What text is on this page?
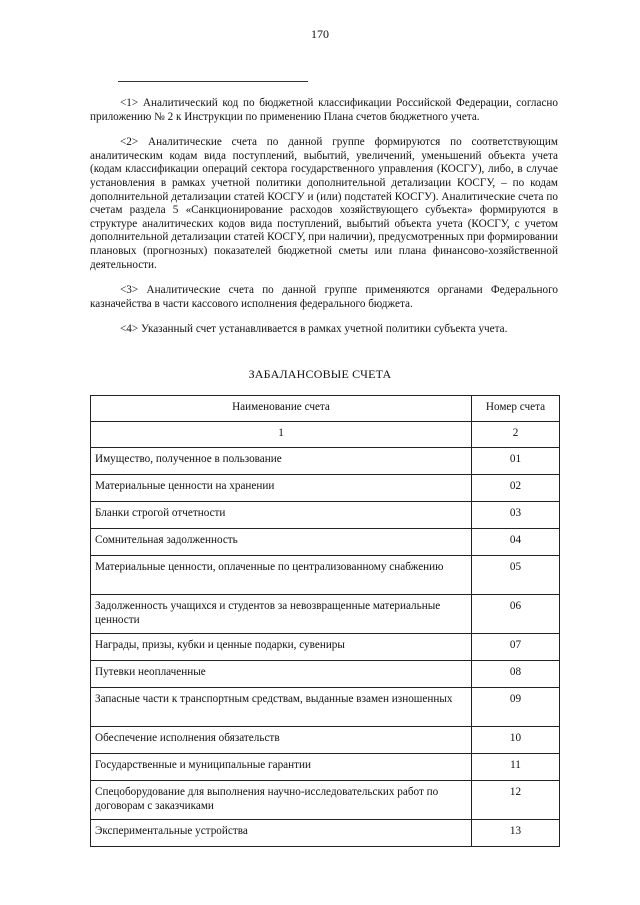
170

<1> Аналитический код по бюджетной классификации Российской Федерации, согласно приложению № 2 к Инструкции по применению Плана счетов бюджетного учета.

<2> Аналитические счета по данной группе формируются по соответствующим аналитическим кодам вида поступлений, выбытий, увеличений, уменьшений объекта учета (кодам классификации операций сектора государственного управления (КОСГУ), либо, в случае установления в рамках учетной политики дополнительной детализации КОСГУ, – по кодам дополнительной детализации статей КОСГУ и (или) подстатей КОСГУ). Аналитические счета по счетам раздела 5 «Санкционирование расходов хозяйствующего субъекта» формируются в структуре аналитических кодов вида поступлений, выбытий объекта учета (КОСГУ, с учетом дополнительной детализации статей КОСГУ, при наличии), предусмотренных при формировании плановых (прогнозных) показателей бюджетной сметы или плана финансово-хозяйственной деятельности.

<3> Аналитические счета по данной группе применяются органами Федерального казначейства в части кассового исполнения федерального бюджета.

<4> Указанный счет устанавливается в рамках учетной политики субъекта учета.

ЗАБАЛАНСОВЫЕ СЧЕТА
Наименование счета	Номер счета
1	2
Имущество, полученное в пользование	01
Материальные ценности на хранении	02
Бланки строгой отчетности	03
Сомнительная задолженность	04
Материальные ценности, оплаченные по централизованному снабжению	05
Задолженность учащихся и студентов за невозвращенные материальные ценности	06
Награды, призы, кубки и ценные подарки, сувениры	07
Путевки неоплаченные	08
Запасные части к транспортным средствам, выданные взамен изношенных	09
Обеспечение исполнения обязательств	10
Государственные и муниципальные гарантии	11
Спецоборудование для выполнения научно-исследовательских работ по договорам с заказчиками	12
Экспериментальные устройства	13
